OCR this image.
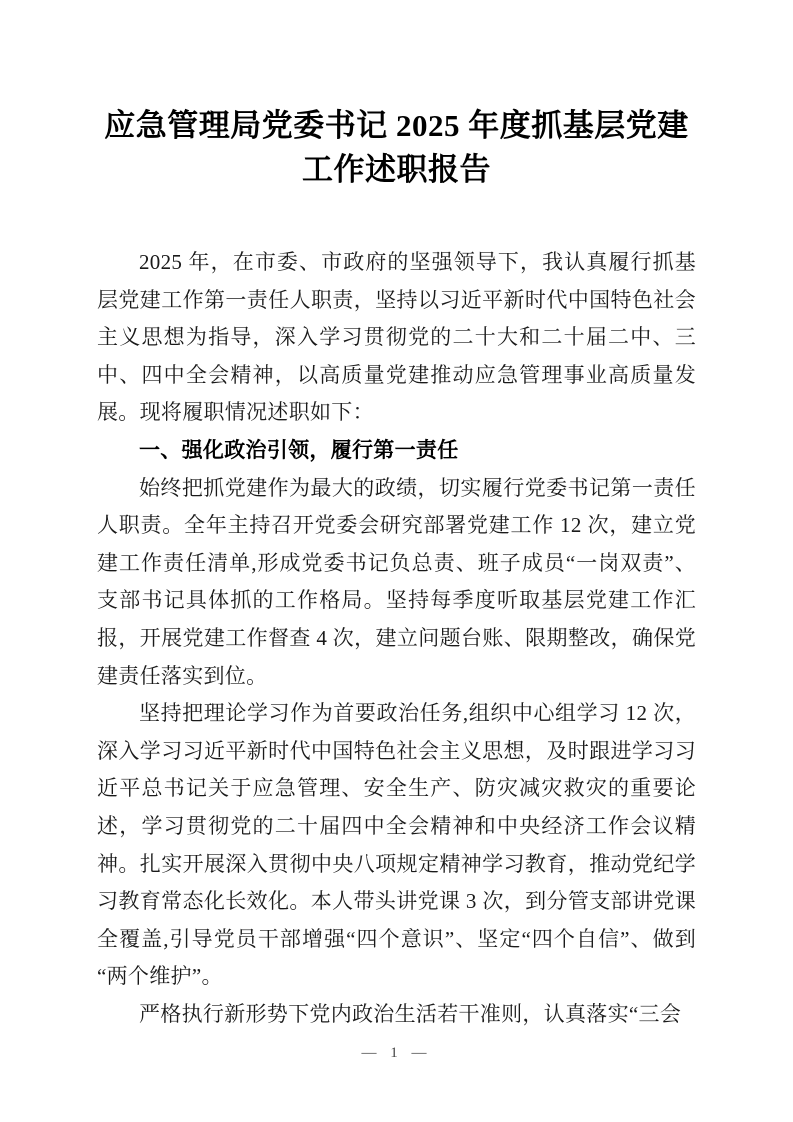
应急管理局党委书记 2025 年度抓基层党建工作述职报告

2025 年，在市委、市政府的坚强领导下，我认真履行抓基层党建工作第一责任人职责，坚持以习近平新时代中国特色社会主义思想为指导，深入学习贯彻党的二十大和二十届二中、三中、四中全会精神，以高质量党建推动应急管理事业高质量发展。现将履职情况述职如下：

一、强化政治引领，履行第一责任

始终把抓党建作为最大的政绩，切实履行党委书记第一责任人职责。全年主持召开党委会研究部署党建工作 12 次，建立党建工作责任清单,形成党委书记负总责、班子成员“一岗双责”、支部书记具体抓的工作格局。坚持每季度听取基层党建工作汇报，开展党建工作督查 4 次，建立问题台账、限期整改，确保党建责任落实到位。

坚持把理论学习作为首要政治任务,组织中心组学习 12 次，深入学习习近平新时代中国特色社会主义思想，及时跟进学习习近平总书记关于应急管理、安全生产、防灾减灾救灾的重要论述，学习贯彻党的二十届四中全会精神和中央经济工作会议精神。扎实开展深入贯彻中央八项规定精神学习教育，推动党纪学习教育常态化长效化。本人带头讲党课 3 次，到分管支部讲党课全覆盖,引导党员干部增强“四个意识”、坚定“四个自信”、做到“两个维护”。

严格执行新形势下党内政治生活若干准则，认真落实“三会

— 1 —
